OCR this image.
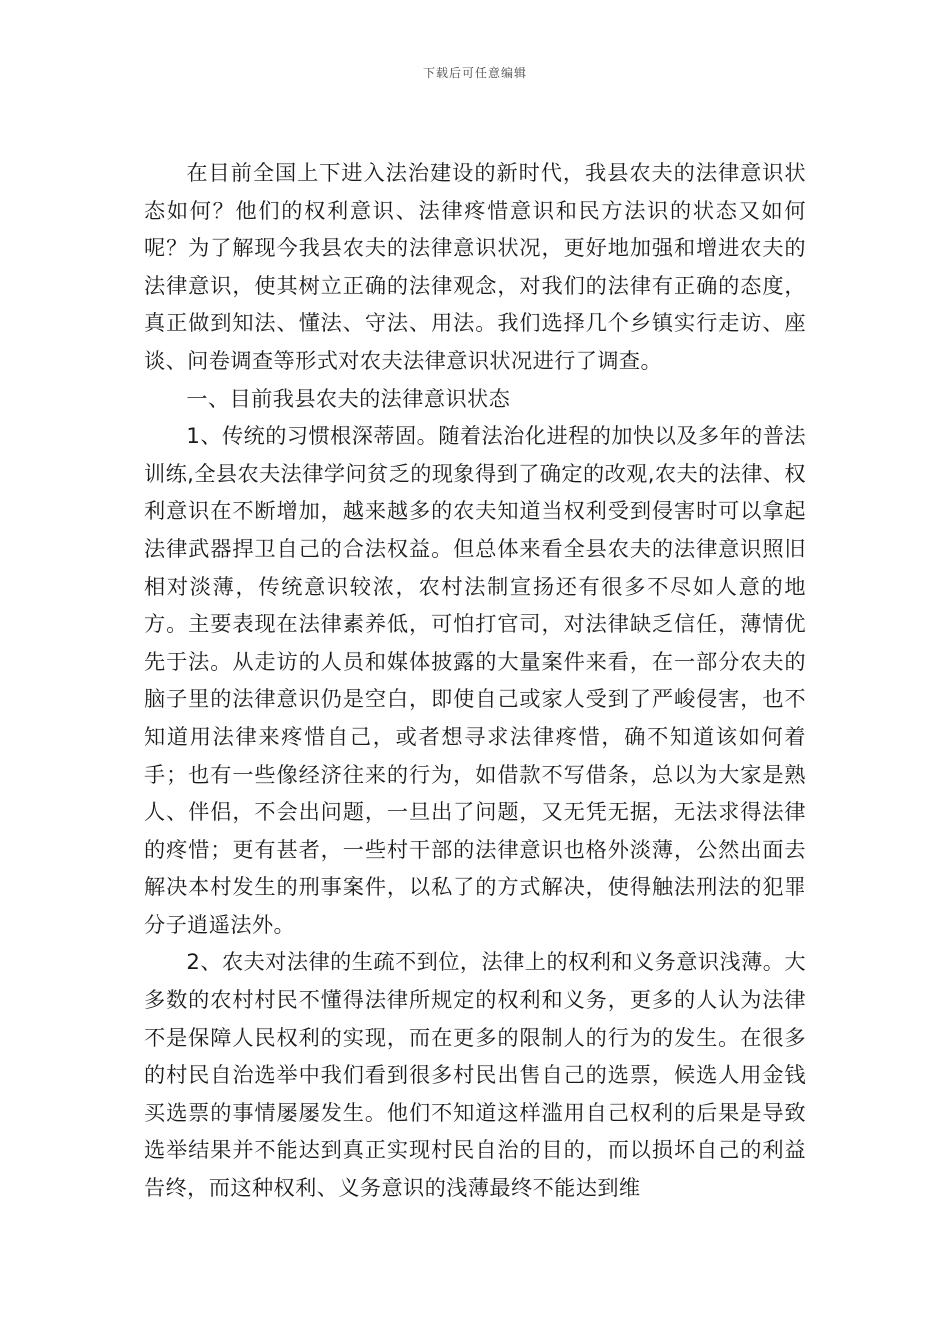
下载后可任意编辑

在目前全国上下进入法治建设的新时代，我县农夫的法律意识状态如何？他们的权利意识、法律疼惜意识和民方法识的状态又如何呢？为了解现今我县农夫的法律意识状况，更好地加强和增进农夫的法律意识，使其树立正确的法律观念，对我们的法律有正确的态度，真正做到知法、懂法、守法、用法。我们选择几个乡镇实行走访、座谈、问卷调查等形式对农夫法律意识状况进行了调查。

一、目前我县农夫的法律意识状态

1、传统的习惯根深蒂固。随着法治化进程的加快以及多年的普法训练,全县农夫法律学问贫乏的现象得到了确定的改观,农夫的法律、权利意识在不断增加，越来越多的农夫知道当权利受到侵害时可以拿起法律武器捍卫自己的合法权益。但总体来看全县农夫的法律意识照旧相对淡薄，传统意识较浓，农村法制宣扬还有很多不尽如人意的地方。主要表现在法律素养低，可怕打官司，对法律缺乏信任，薄情优先于法。从走访的人员和媒体披露的大量案件来看，在一部分农夫的脑子里的法律意识仍是空白，即使自己或家人受到了严峻侵害，也不知道用法律来疼惜自己，或者想寻求法律疼惜，确不知道该如何着手；也有一些像经济往来的行为，如借款不写借条，总以为大家是熟人、伴侣，不会出问题，一旦出了问题，又无凭无据，无法求得法律的疼惜；更有甚者，一些村干部的法律意识也格外淡薄，公然出面去解决本村发生的刑事案件，以私了的方式解决，使得触法刑法的犯罪分子逍遥法外。

2、农夫对法律的生疏不到位，法律上的权利和义务意识浅薄。大多数的农村村民不懂得法律所规定的权利和义务，更多的人认为法律不是保障人民权利的实现，而在更多的限制人的行为的发生。在很多的村民自治选举中我们看到很多村民出售自己的选票，候选人用金钱买选票的事情屡屡发生。他们不知道这样滥用自己权利的后果是导致选举结果并不能达到真正实现村民自治的目的，而以损坏自己的利益告终，而这种权利、义务意识的浅薄最终不能达到维
